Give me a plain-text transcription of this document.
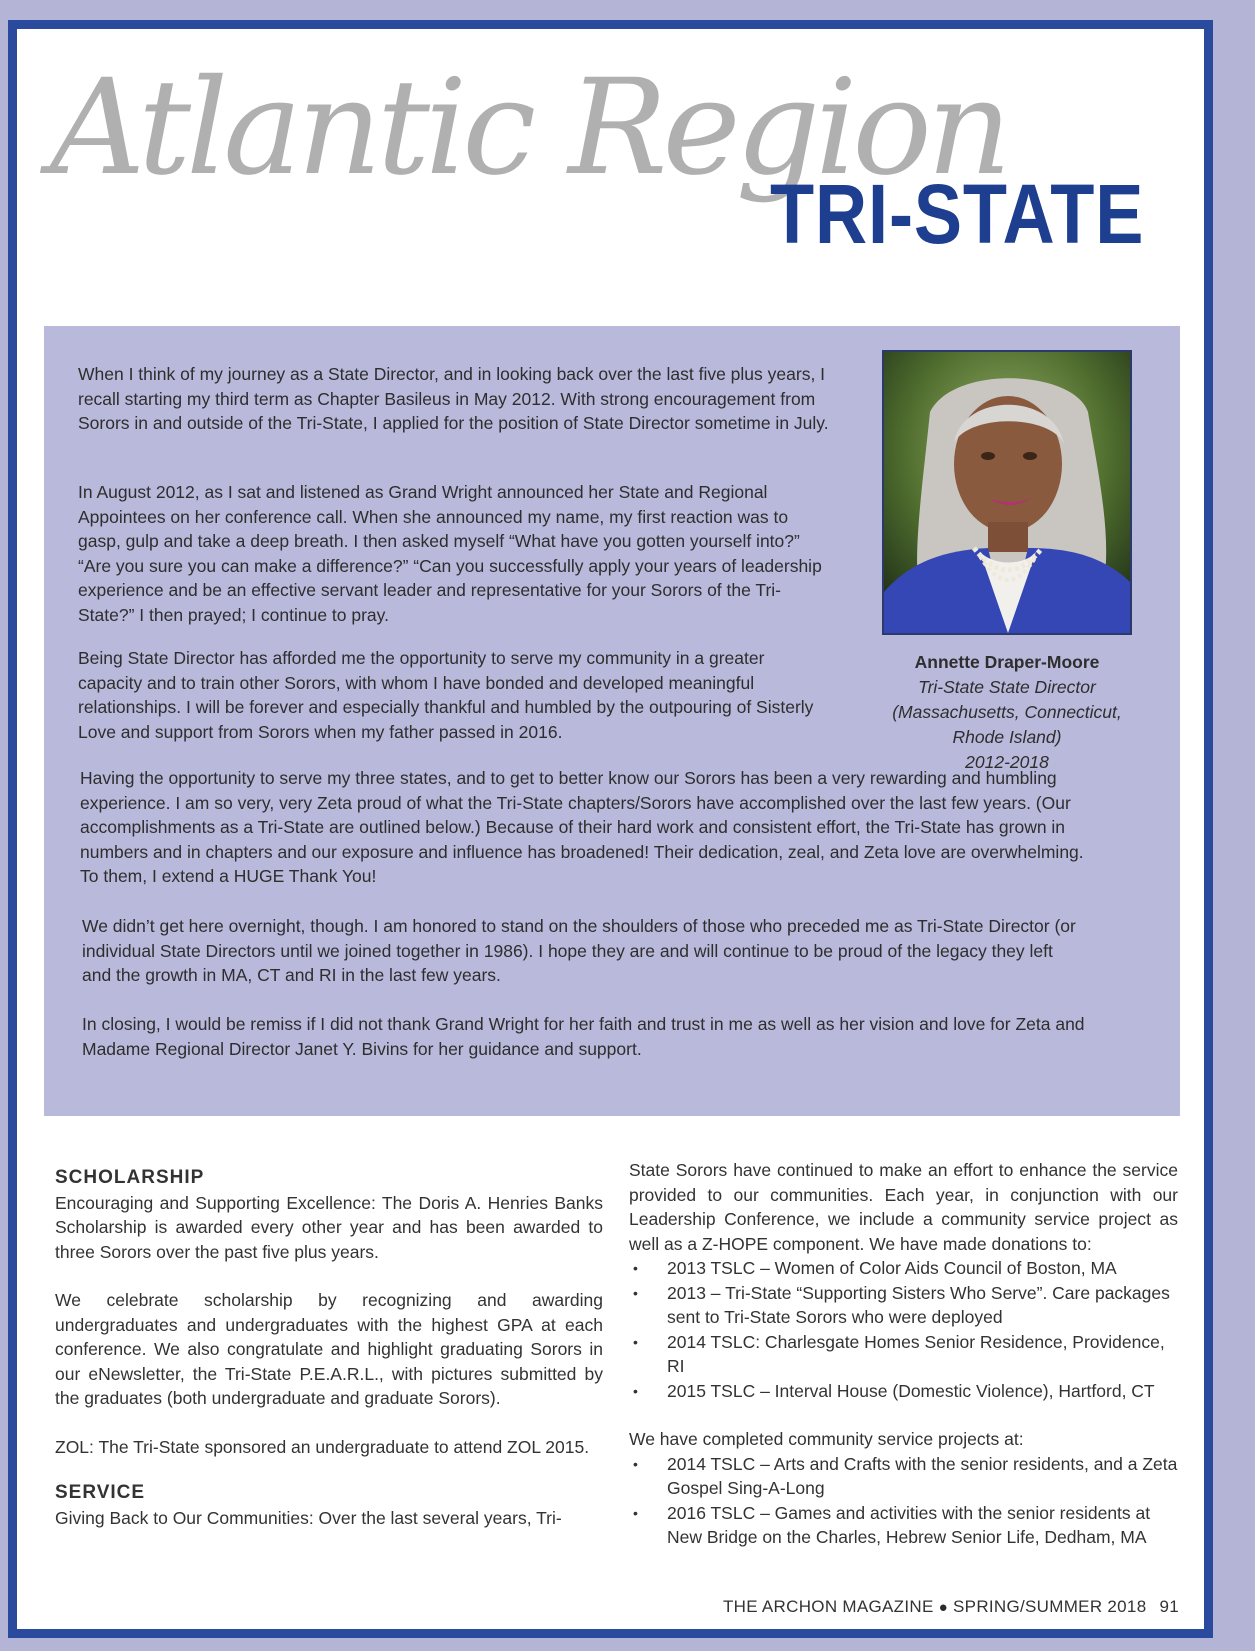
Atlantic Region
TRI-STATE

When I think of my journey as a State Director, and in looking back over the last five plus years, I recall starting my third term as Chapter Basileus in May 2012. With strong encouragement from Sorors in and outside of the Tri-State, I applied for the position of State Director sometime in July.

In August 2012, as I sat and listened as Grand Wright announced her State and Regional Appointees on her conference call. When she announced my name, my first reaction was to gasp, gulp and take a deep breath. I then asked myself “What have you gotten yourself into?” “Are you sure you can make a difference?” “Can you successfully apply your years of leadership experience and be an effective servant leader and representative for your Sorors of the Tri-State?” I then prayed; I continue to pray.

Being State Director has afforded me the opportunity to serve my community in a greater capacity and to train other Sorors, with whom I have bonded and developed meaningful relationships. I will be forever and especially thankful and humbled by the outpouring of Sisterly Love and support from Sorors when my father passed in 2016.

Having the opportunity to serve my three states, and to get to better know our Sorors has been a very rewarding and humbling experience. I am so very, very Zeta proud of what the Tri-State chapters/Sorors have accomplished over the last few years. (Our accomplishments as a Tri-State are outlined below.) Because of their hard work and consistent effort, the Tri-State has grown in numbers and in chapters and our exposure and influence has broadened! Their dedication, zeal, and Zeta love are overwhelming. To them, I extend a HUGE Thank You!

We didn’t get here overnight, though. I am honored to stand on the shoulders of those who preceded me as Tri-State Director (or individual State Directors until we joined together in 1986). I hope they are and will continue to be proud of the legacy they left and the growth in MA, CT and RI in the last few years.

In closing, I would be remiss if I did not thank Grand Wright for her faith and trust in me as well as her vision and love for Zeta and Madame Regional Director Janet Y. Bivins for her guidance and support.

Annette Draper-Moore
Tri-State State Director
(Massachusetts, Connecticut,
Rhode Island)
2012-2018
SCHOLARSHIP

Encouraging and Supporting Excellence: The Doris A. Henries Banks Scholarship is awarded every other year and has been awarded to three Sorors over the past five plus years.

We celebrate scholarship by recognizing and awarding undergraduates and undergraduates with the highest GPA at each conference. We also congratulate and highlight graduating Sorors in our eNewsletter, the Tri-State P.E.A.R.L., with pictures submitted by the graduates (both undergraduate and graduate Sorors).

ZOL: The Tri-State sponsored an undergraduate to attend ZOL 2015.

SERVICE

Giving Back to Our Communities: Over the last several years, Tri-

State Sorors have continued to make an effort to enhance the service provided to our communities. Each year, in conjunction with our Leadership Conference, we include a community service project as well as a Z-HOPE component. We have made donations to:

• 2013 TSLC – Women of Color Aids Council of Boston, MA
• 2013 – Tri-State “Supporting Sisters Who Serve”. Care packages sent to Tri-State Sorors who were deployed
• 2014 TSLC: Charlesgate Homes Senior Residence, Providence, RI
• 2015 TSLC – Interval House (Domestic Violence), Hartford, CT

We have completed community service projects at:

• 2014 TSLC – Arts and Crafts with the senior residents, and a Zeta Gospel Sing-A-Long
• 2016 TSLC – Games and activities with the senior residents at New Bridge on the Charles, Hebrew Senior Life, Dedham, MA
THE ARCHON MAGAZINE ● SPRING/SUMMER 2018 91
